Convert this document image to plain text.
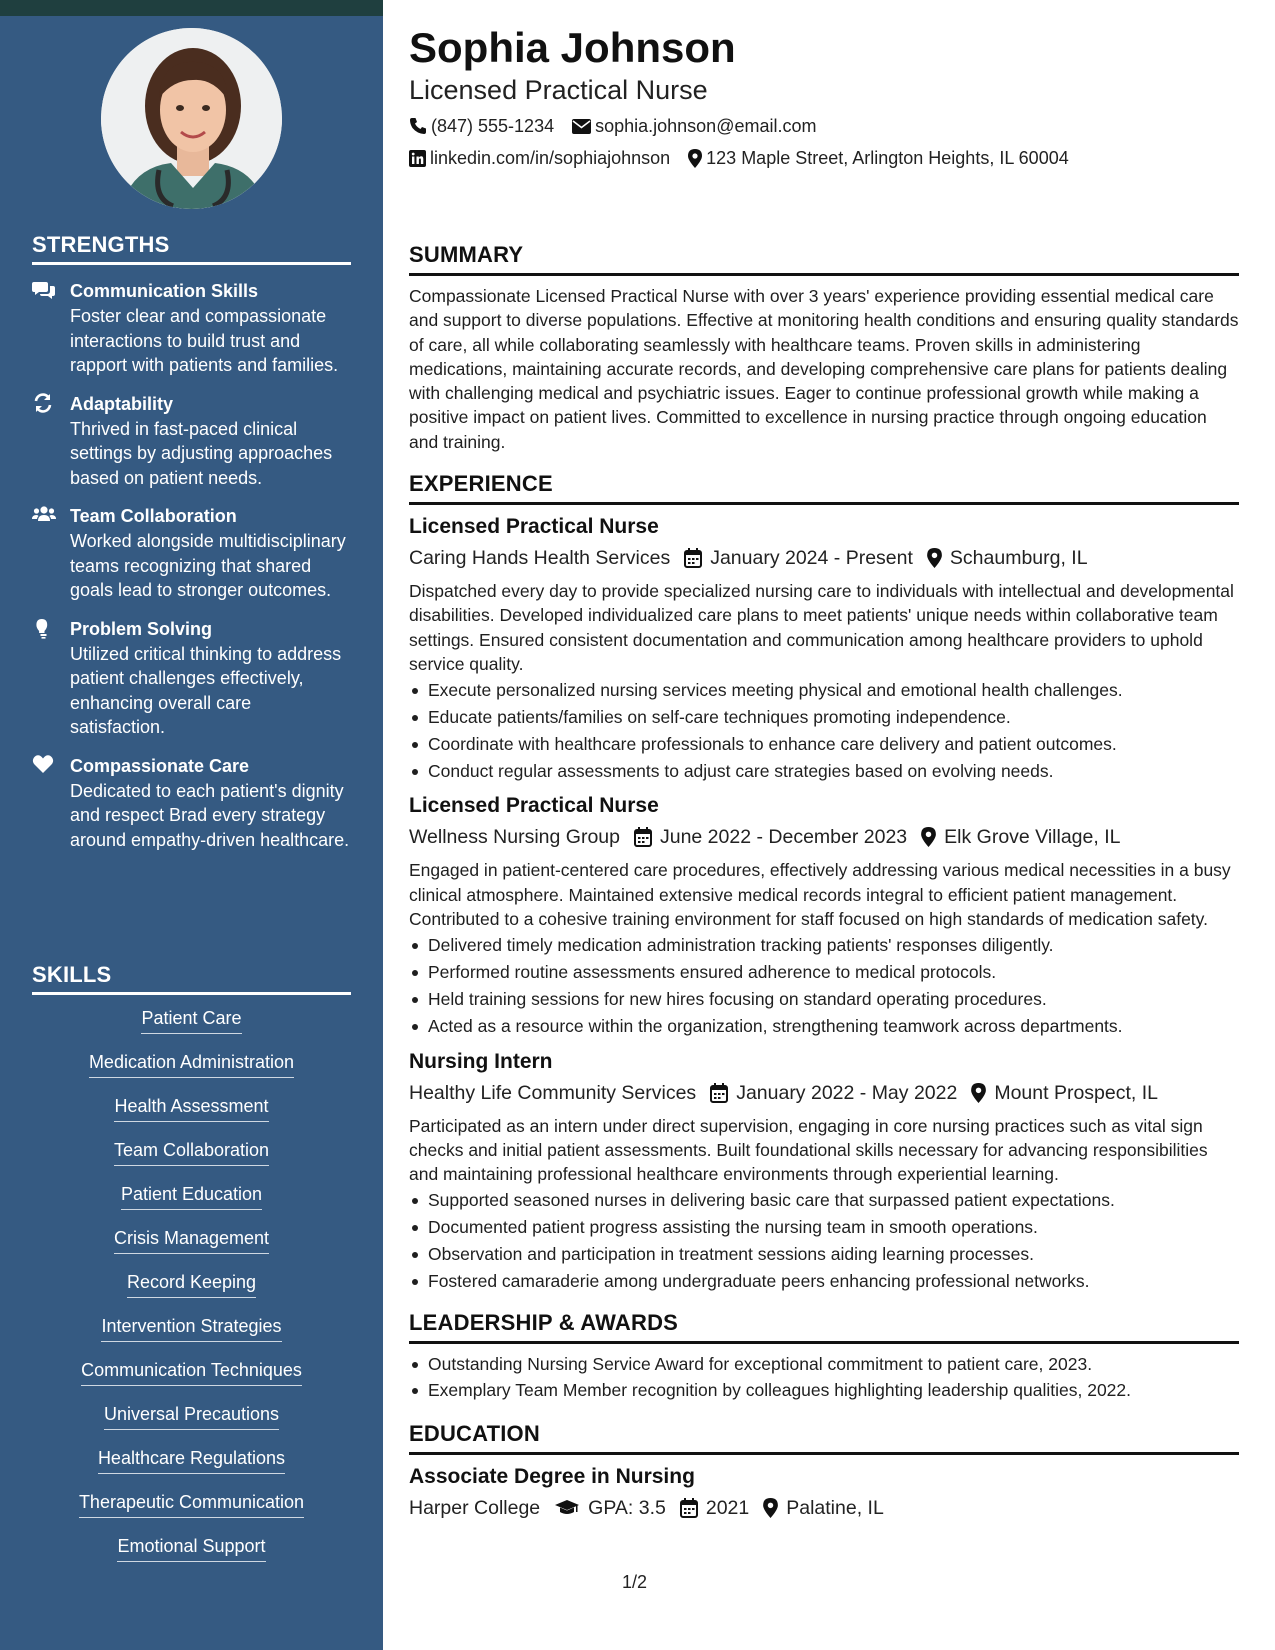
STRENGTHS
Communication Skills
Foster clear and compassionate interactions to build trust and rapport with patients and families.
Adaptability
Thrived in fast-paced clinical settings by adjusting approaches based on patient needs.
Team Collaboration
Worked alongside multidisciplinary teams recognizing that shared goals lead to stronger outcomes.
Problem Solving
Utilized critical thinking to address patient challenges effectively, enhancing overall care satisfaction.
Compassionate Care
Dedicated to each patient's dignity and respect Brad every strategy around empathy-driven healthcare.
SKILLS
Patient Care
Medication Administration
Health Assessment
Team Collaboration
Patient Education
Crisis Management
Record Keeping
Intervention Strategies
Communication Techniques
Universal Precautions
Healthcare Regulations
Therapeutic Communication
Emotional Support
Sophia Johnson
Licensed Practical Nurse
(847) 555-1234 sophia.johnson@email.com
linkedin.com/in/sophiajohnson 123 Maple Street, Arlington Heights, IL 60004
SUMMARY
Compassionate Licensed Practical Nurse with over 3 years' experience providing essential medical care and support to diverse populations. Effective at monitoring health conditions and ensuring quality standards of care, all while collaborating seamlessly with healthcare teams. Proven skills in administering medications, maintaining accurate records, and developing comprehensive care plans for patients dealing with challenging medical and psychiatric issues. Eager to continue professional growth while making a positive impact on patient lives. Committed to excellence in nursing practice through ongoing education and training.
EXPERIENCE
Licensed Practical Nurse
Caring Hands Health Services January 2024 - Present Schaumburg, IL
Dispatched every day to provide specialized nursing care to individuals with intellectual and developmental disabilities. Developed individualized care plans to meet patients' unique needs within collaborative team settings. Ensured consistent documentation and communication among healthcare providers to uphold service quality.
Execute personalized nursing services meeting physical and emotional health challenges.
Educate patients/families on self-care techniques promoting independence.
Coordinate with healthcare professionals to enhance care delivery and patient outcomes.
Conduct regular assessments to adjust care strategies based on evolving needs.
Licensed Practical Nurse
Wellness Nursing Group June 2022 - December 2023 Elk Grove Village, IL
Engaged in patient-centered care procedures, effectively addressing various medical necessities in a busy clinical atmosphere. Maintained extensive medical records integral to efficient patient management. Contributed to a cohesive training environment for staff focused on high standards of medication safety.
Delivered timely medication administration tracking patients' responses diligently.
Performed routine assessments ensured adherence to medical protocols.
Held training sessions for new hires focusing on standard operating procedures.
Acted as a resource within the organization, strengthening teamwork across departments.
Nursing Intern
Healthy Life Community Services January 2022 - May 2022 Mount Prospect, IL
Participated as an intern under direct supervision, engaging in core nursing practices such as vital sign checks and initial patient assessments. Built foundational skills necessary for advancing responsibilities and maintaining professional healthcare environments through experiential learning.
Supported seasoned nurses in delivering basic care that surpassed patient expectations.
Documented patient progress assisting the nursing team in smooth operations.
Observation and participation in treatment sessions aiding learning processes.
Fostered camaraderie among undergraduate peers enhancing professional networks.
LEADERSHIP & AWARDS
Outstanding Nursing Service Award for exceptional commitment to patient care, 2023.
Exemplary Team Member recognition by colleagues highlighting leadership qualities, 2022.
EDUCATION
Associate Degree in Nursing
Harper College GPA: 3.5 2021 Palatine, IL
1/2
